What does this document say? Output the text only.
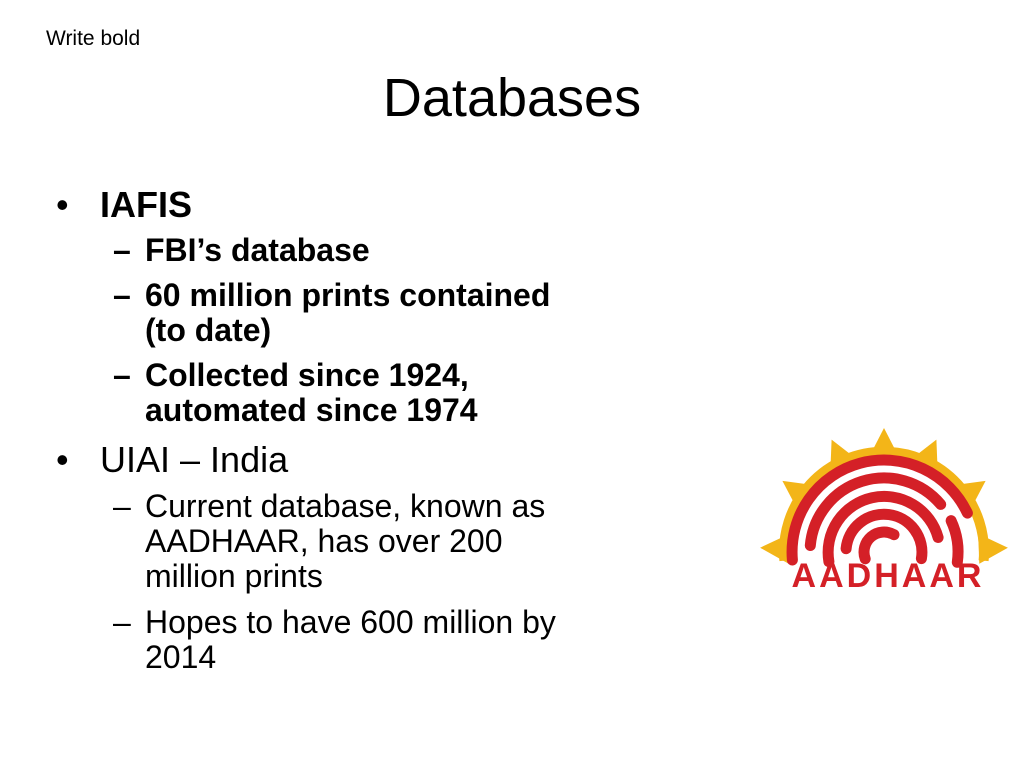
Write bold
Databases
• IAFIS
– FBI’s database
– 60 million prints contained
(to date)
– Collected since 1924,
automated since 1974
• UIAI – India
– Current database, known as
AADHAAR, has over 200
million prints
– Hopes to have 600 million by
2014
AADHAAR
